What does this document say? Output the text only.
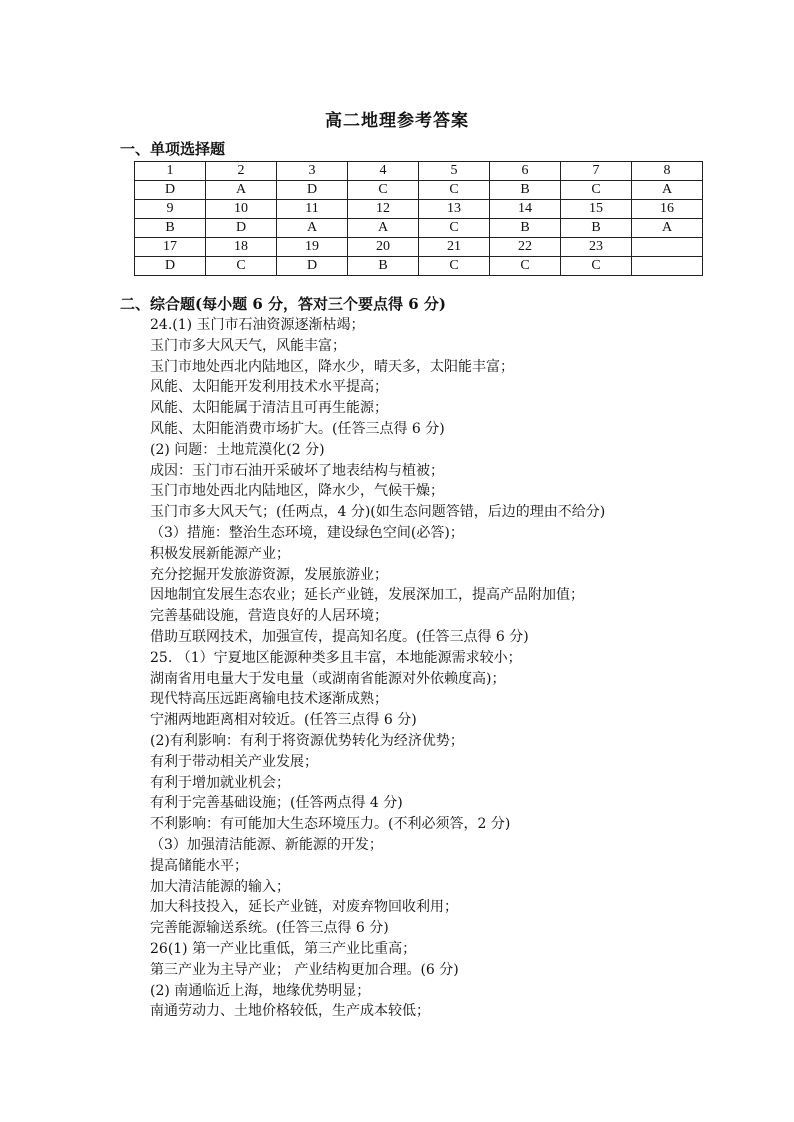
高二地理参考答案
一、单项选择题
1	2	3	4	5	6	7	8
D	A	D	C	C	B	C	A
9	10	11	12	13	14	15	16
B	D	A	A	C	B	B	A
17	18	19	20	21	22	23	
D	C	D	B	C	C	C	
二、综合题(每小题 6 分，答对三个要点得 6 分)
24.(1) 玉门市石油资源逐渐枯竭；
玉门市多大风天气，风能丰富；
玉门市地处西北内陆地区，降水少，晴天多，太阳能丰富；
风能、太阳能开发利用技术水平提高；
风能、太阳能属于清洁且可再生能源；
风能、太阳能消费市场扩大。(任答三点得 6 分)
(2) 问题：土地荒漠化(2 分)
成因：玉门市石油开采破坏了地表结构与植被；
玉门市地处西北内陆地区，降水少，气候干燥；
玉门市多大风天气；(任两点，4 分)(如生态问题答错，后边的理由不给分)
（3）措施：整治生态环境，建设绿色空间(必答)；
积极发展新能源产业；
充分挖掘开发旅游资源，发展旅游业；
因地制宜发展生态农业；延长产业链，发展深加工，提高产品附加值；
完善基础设施，营造良好的人居环境；
借助互联网技术，加强宣传，提高知名度。(任答三点得 6 分)
25. （1）宁夏地区能源种类多且丰富，本地能源需求较小；
湖南省用电量大于发电量（或湖南省能源对外依赖度高)；
现代特高压远距离输电技术逐渐成熟；
宁湘两地距离相对较近。(任答三点得 6 分)
(2)有利影响：有利于将资源优势转化为经济优势；
有利于带动相关产业发展；
有利于增加就业机会；
有利于完善基础设施；(任答两点得 4 分)
不利影响：有可能加大生态环境压力。(不利必须答，2 分)
（3）加强清洁能源、新能源的开发；
提高储能水平；
加大清洁能源的输入；
加大科技投入，延长产业链，对废弃物回收利用；
完善能源输送系统。(任答三点得 6 分)
26(1) 第一产业比重低，第三产业比重高；
第三产业为主导产业； 产业结构更加合理。(6 分)
(2) 南通临近上海，地缘优势明显；
南通劳动力、土地价格较低，生产成本较低；
